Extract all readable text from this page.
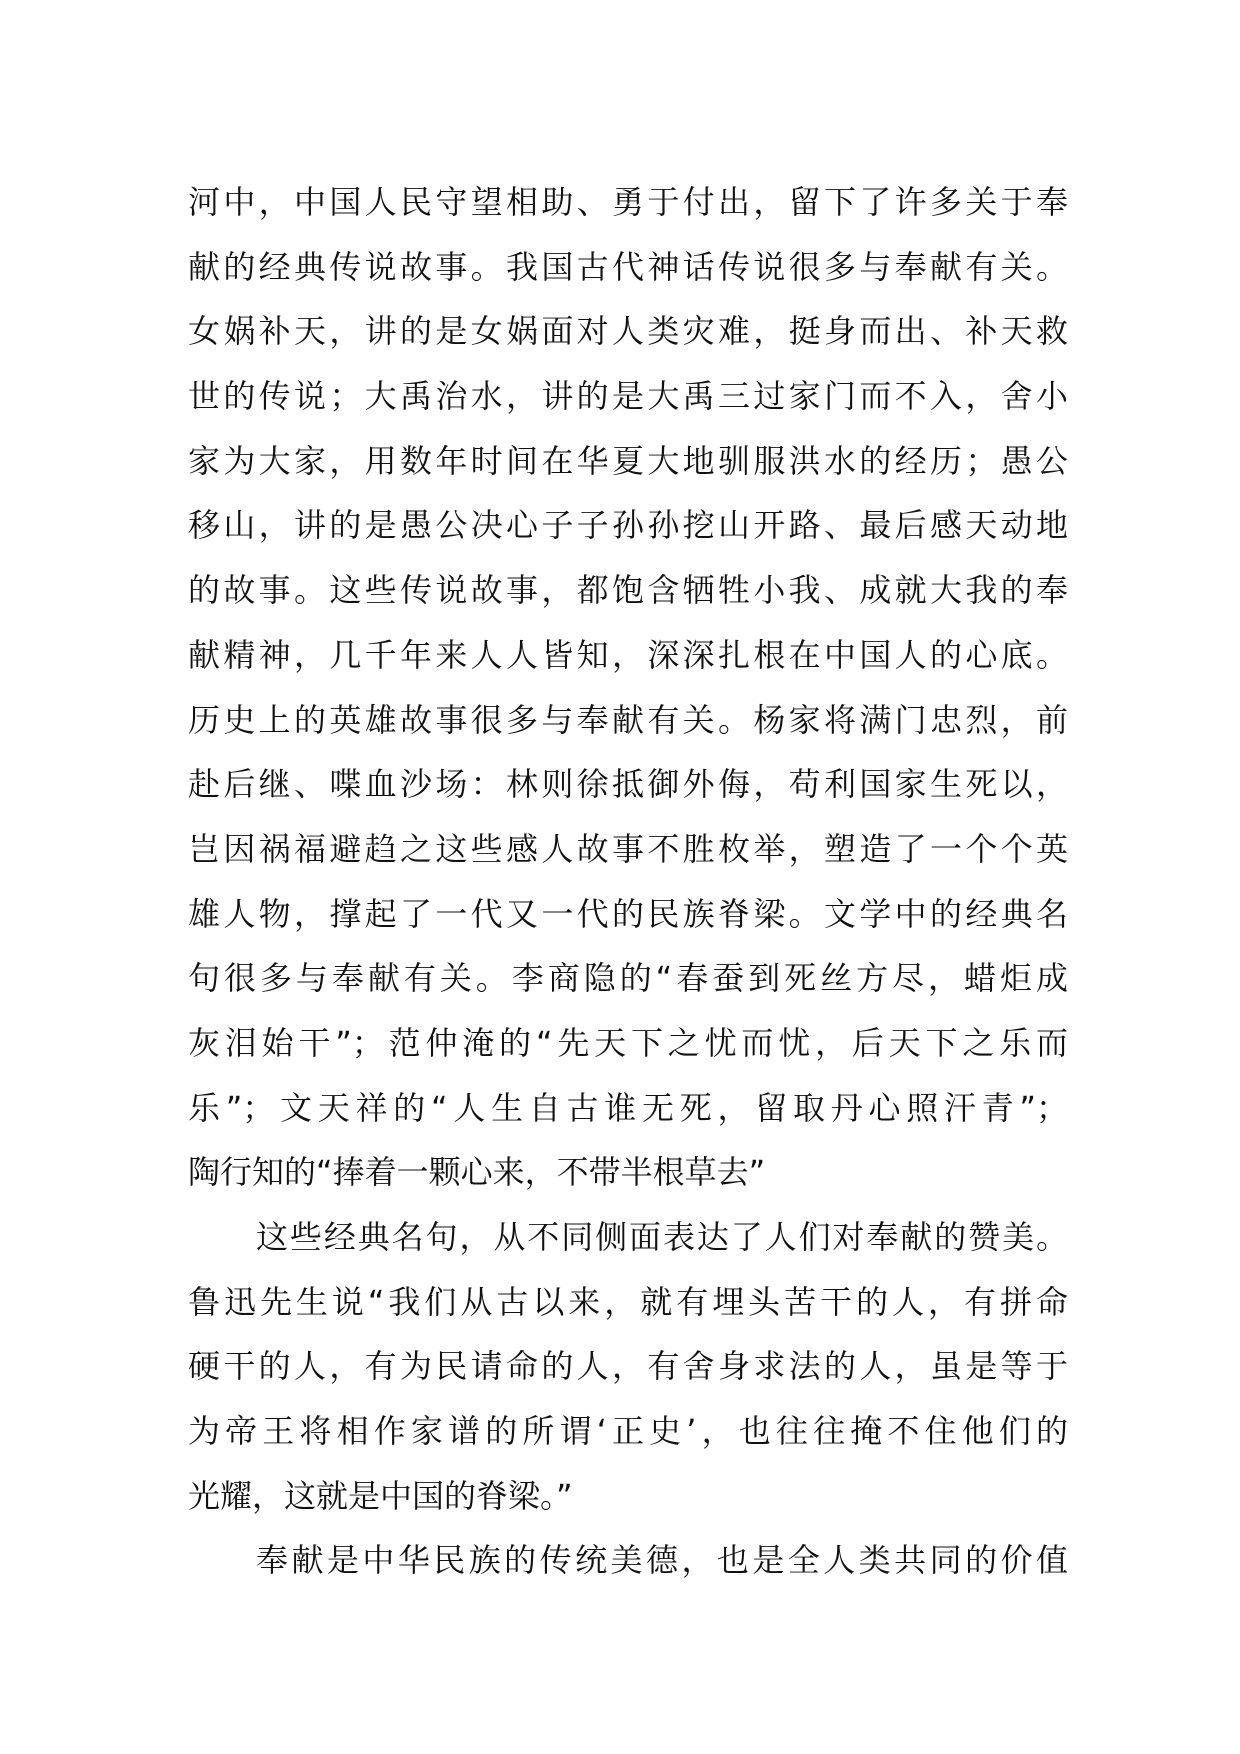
河中，中国人民守望相助、勇于付出，留下了许多关于奉
献的经典传说故事。我国古代神话传说很多与奉献有关。
女娲补天，讲的是女娲面对人类灾难，挺身而出、补天救
世的传说；大禹治水，讲的是大禹三过家门而不入，舍小
家为大家，用数年时间在华夏大地驯服洪水的经历；愚公
移山，讲的是愚公决心子子孙孙挖山开路、最后感天动地
的故事。这些传说故事，都饱含牺牲小我、成就大我的奉
献精神，几千年来人人皆知，深深扎根在中国人的心底。
历史上的英雄故事很多与奉献有关。杨家将满门忠烈，前
赴后继、喋血沙场：林则徐抵御外侮，苟利国家生死以，
岂因祸福避趋之这些感人故事不胜枚举，塑造了一个个英
雄人物，撑起了一代又一代的民族脊梁。文学中的经典名
句很多与奉献有关。李商隐的“春蚕到死丝方尽，蜡炬成
灰泪始干”；范仲淹的“先天下之忧而忧，后天下之乐而
乐”；文天祥的“人生自古谁无死，留取丹心照汗青”；
陶行知的“捧着一颗心来，不带半根草去”
这些经典名句，从不同侧面表达了人们对奉献的赞美。
鲁迅先生说“我们从古以来，就有埋头苦干的人，有拼命
硬干的人，有为民请命的人，有舍身求法的人，虽是等于
为帝王将相作家谱的所谓‘正史’，也往往掩不住他们的
光耀，这就是中国的脊梁。”
奉献是中华民族的传统美德，也是全人类共同的价值
